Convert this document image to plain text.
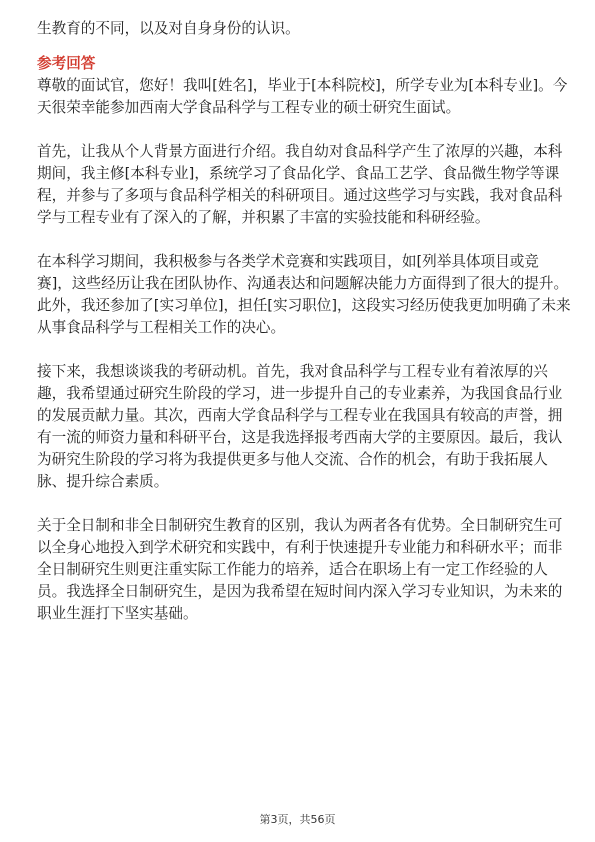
生教育的不同，以及对自身身份的认识。
参考回答
尊敬的面试官，您好！我叫[姓名]，毕业于[本科院校]，所学专业为[本科专业]。今
天很荣幸能参加西南大学食品科学与工程专业的硕士研究生面试。
首先，让我从个人背景方面进行介绍。我自幼对食品科学产生了浓厚的兴趣，本科
期间，我主修[本科专业]，系统学习了食品化学、食品工艺学、食品微生物学等课
程，并参与了多项与食品科学相关的科研项目。通过这些学习与实践，我对食品科
学与工程专业有了深入的了解，并积累了丰富的实验技能和科研经验。
在本科学习期间，我积极参与各类学术竞赛和实践项目，如[列举具体项目或竞
赛]，这些经历让我在团队协作、沟通表达和问题解决能力方面得到了很大的提升。
此外，我还参加了[实习单位]，担任[实习职位]，这段实习经历使我更加明确了未来
从事食品科学与工程相关工作的决心。
接下来，我想谈谈我的考研动机。首先，我对食品科学与工程专业有着浓厚的兴
趣，我希望通过研究生阶段的学习，进一步提升自己的专业素养，为我国食品行业
的发展贡献力量。其次，西南大学食品科学与工程专业在我国具有较高的声誉，拥
有一流的师资力量和科研平台，这是我选择报考西南大学的主要原因。最后，我认
为研究生阶段的学习将为我提供更多与他人交流、合作的机会，有助于我拓展人
脉、提升综合素质。
关于全日制和非全日制研究生教育的区别，我认为两者各有优势。全日制研究生可
以全身心地投入到学术研究和实践中，有利于快速提升专业能力和科研水平；而非
全日制研究生则更注重实际工作能力的培养，适合在职场上有一定工作经验的人
员。我选择全日制研究生，是因为我希望在短时间内深入学习专业知识，为未来的
职业生涯打下坚实基础。
第3页，共56页
